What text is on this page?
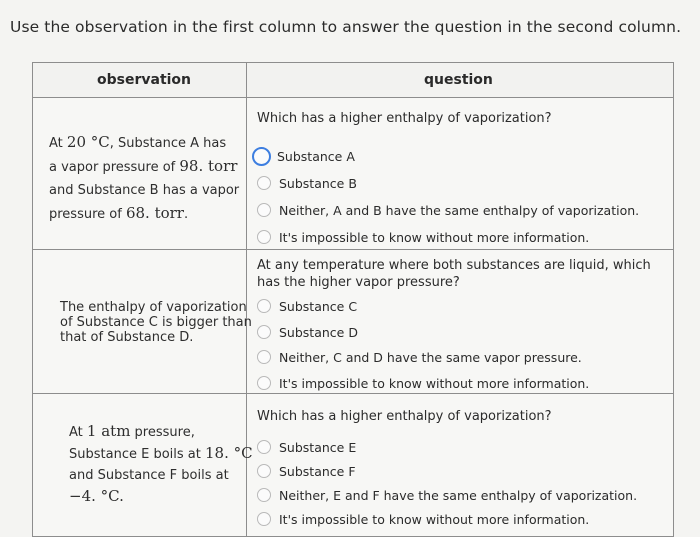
Use the observation in the first column to answer the question in the second column.
observation	question
At 20 °C, Substance A has
a vapor pressure of 98. torr
and Substance B has a vapor
pressure of 68. torr.
Which has a higher enthalpy of vaporization?
Substance A
Substance B
Neither, A and B have the same enthalpy of vaporization.
It's impossible to know without more information.
The enthalpy of vaporization
of Substance C is bigger than
that of Substance D.
At any temperature where both substances are liquid, which has the higher vapor pressure?
Substance C
Substance D
Neither, C and D have the same vapor pressure.
It's impossible to know without more information.
At 1 atm pressure,
Substance E boils at 18. °C
and Substance F boils at
−4. °C.
Which has a higher enthalpy of vaporization?
Substance E
Substance F
Neither, E and F have the same enthalpy of vaporization.
It's impossible to know without more information.
